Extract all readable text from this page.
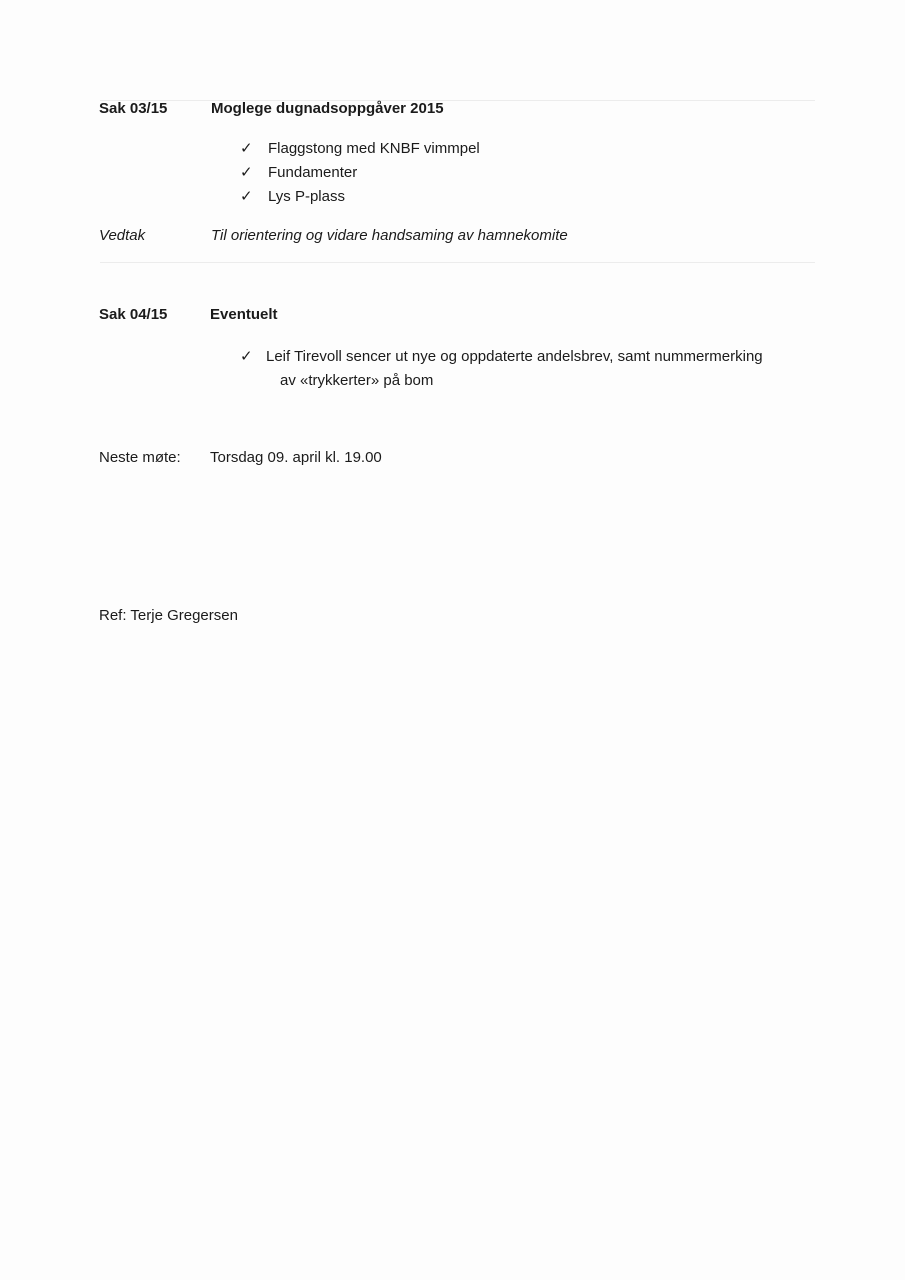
Sak 03/15	Moglege dugnadsoppgåver 2015
✓ Flaggstong med KNBF vimmpel
✓ Fundamenter
✓ Lys P-plass
Vedtak	Til orientering og vidare handsaming av hamnekomite
Sak 04/15	Eventuelt
✓ Leif Tirevoll sencer ut nye og oppdaterte andelsbrev, samt nummermerking
av «trykkerter» på bom
Neste møte: Torsdag 09. april kl. 19.00
Ref: Terje Gregersen
